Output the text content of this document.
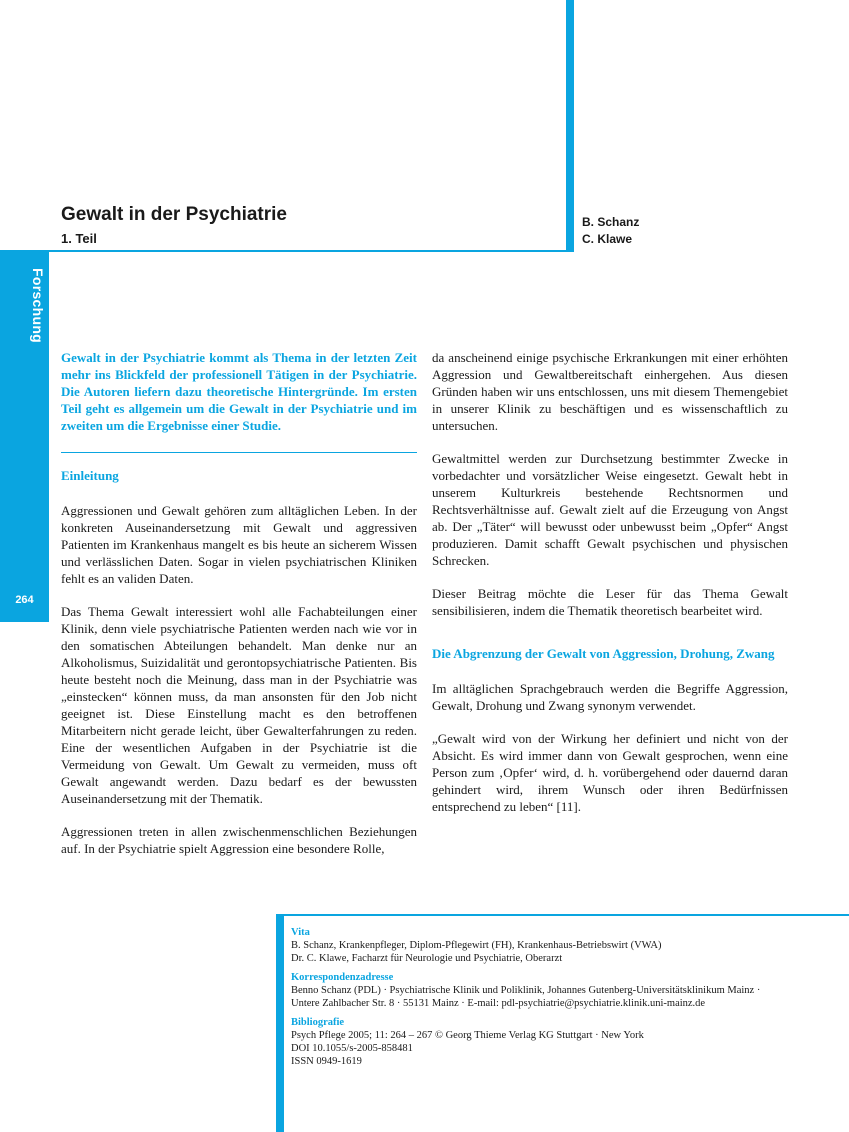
Forschung
264
Gewalt in der Psychiatrie
1. Teil
B. Schanz
C. Klawe

Gewalt in der Psychiatrie kommt als Thema in der letzten Zeit mehr ins Blickfeld der professionell Tätigen in der Psychiatrie. Die Autoren liefern dazu theoretische Hintergründe. Im ersten Teil geht es allgemein um die Gewalt in der Psychiatrie und im zweiten um die Ergebnisse einer Studie.

Einleitung

Aggressionen und Gewalt gehören zum alltäglichen Leben. In der konkreten Auseinandersetzung mit Gewalt und aggressiven Patienten im Krankenhaus mangelt es bis heute an sicherem Wissen und verlässlichen Daten. Sogar in vielen psychiatrischen Kliniken fehlt es an validen Daten.

Das Thema Gewalt interessiert wohl alle Fachabteilungen einer Klinik, denn viele psychiatrische Patienten werden nach wie vor in den somatischen Abteilungen behandelt. Man denke nur an Alkoholismus, Suizidalität und gerontopsychiatrische Patienten. Bis heute besteht noch die Meinung, dass man in der Psychiatrie was „einstecken“ können muss, da man ansonsten für den Job nicht geeignet ist. Diese Einstellung macht es den betroffenen Mitarbeitern nicht gerade leicht, über Gewalterfahrungen zu reden. Eine der wesentlichen Aufgaben in der Psychiatrie ist die Vermeidung von Gewalt. Um Gewalt zu vermeiden, muss oft Gewalt angewandt werden. Dazu bedarf es der bewussten Auseinandersetzung mit der Thematik.

Aggressionen treten in allen zwischenmenschlichen Beziehungen auf. In der Psychiatrie spielt Aggression eine besondere Rolle,

da anscheinend einige psychische Erkrankungen mit einer erhöhten Aggression und Gewaltbereitschaft einhergehen. Aus diesen Gründen haben wir uns entschlossen, uns mit diesem Themengebiet in unserer Klinik zu beschäftigen und es wissenschaftlich zu untersuchen.

Gewaltmittel werden zur Durchsetzung bestimmter Zwecke in vorbedachter und vorsätzlicher Weise eingesetzt. Gewalt hebt in unserem Kulturkreis bestehende Rechtsnormen und Rechtsverhältnisse auf. Gewalt zielt auf die Erzeugung von Angst ab. Der „Täter“ will bewusst oder unbewusst beim „Opfer“ Angst produzieren. Damit schafft Gewalt psychischen und physischen Schrecken.

Dieser Beitrag möchte die Leser für das Thema Gewalt sensibilisieren, indem die Thematik theoretisch bearbeitet wird.

Die Abgrenzung der Gewalt von Aggression, Drohung, Zwang

Im alltäglichen Sprachgebrauch werden die Begriffe Aggression, Gewalt, Drohung und Zwang synonym verwendet.

„Gewalt wird von der Wirkung her definiert und nicht von der Absicht. Es wird immer dann von Gewalt gesprochen, wenn eine Person zum ‚Opfer‘ wird, d. h. vorübergehend oder dauernd daran gehindert wird, ihrem Wunsch oder ihren Bedürfnissen entsprechend zu leben“ [11].

Vita
B. Schanz, Krankenpfleger, Diplom-Pflegewirt (FH), Krankenhaus-Betriebswirt (VWA)
Dr. C. Klawe, Facharzt für Neurologie und Psychiatrie, Oberarzt
Korrespondenzadresse
Benno Schanz (PDL) · Psychiatrische Klinik und Poliklinik, Johannes Gutenberg-Universitätsklinikum Mainz ·
Untere Zahlbacher Str. 8 · 55131 Mainz · E-mail: pdl-psychiatrie@psychiatrie.klinik.uni-mainz.de
Bibliografie
Psych Pflege 2005; 11: 264 – 267 © Georg Thieme Verlag KG Stuttgart · New York
DOI 10.1055/s-2005-858481
ISSN 0949-1619
